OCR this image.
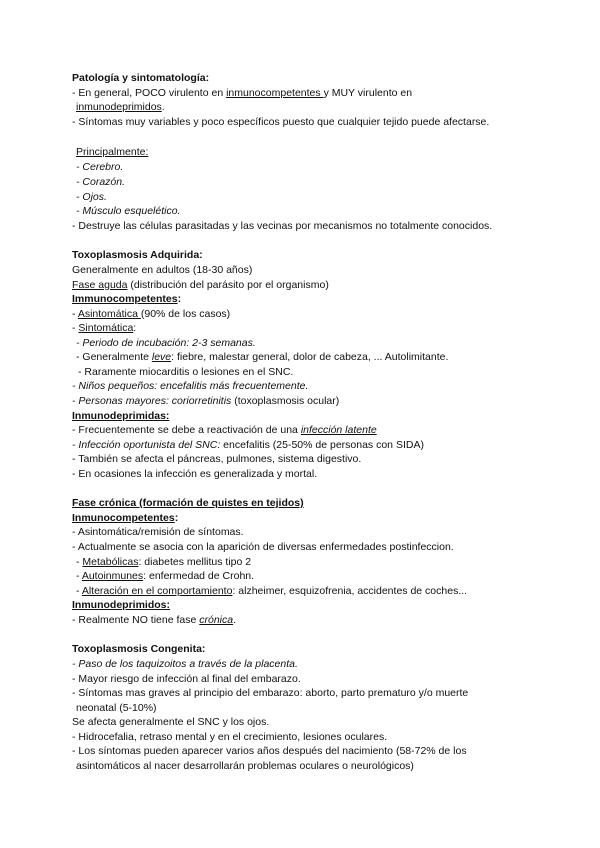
Patología y sintomatología:
- En general, POCO virulento en inmunocompetentes y MUY virulento en
inmunodeprimidos.
- Síntomas muy variables y poco específicos puesto que cualquier tejido puede afectarse.
Principalmente:
- Cerebro.
- Corazón.
- Ojos.
- Músculo esquelético.
- Destruye las células parasitadas y las vecinas por mecanismos no totalmente conocidos.
Toxoplasmosis Adquirida:
Generalmente en adultos (18-30 años)
Fase aguda (distribución del parásito por el organismo)
Immunocompetentes:
- Asintomática (90% de los casos)
- Sintomática:
- Periodo de incubación: 2-3 semanas.
- Generalmente leve: fiebre, malestar general, dolor de cabeza, ... Autolimitante.
- Raramente miocarditis o lesiones en el SNC.
- Niños pequeños: encefalitis más frecuentemente.
- Personas mayores: coriorretinitis (toxoplasmosis ocular)
Inmunodeprimidas:
- Frecuentemente se debe a reactivación de una infección latente
- Infección oportunista del SNC: encefalitis (25-50% de personas con SIDA)
- También se afecta el páncreas, pulmones, sistema digestivo.
- En ocasiones la infección es generalizada y mortal.
Fase crónica (formación de quistes en tejidos)
Inmunocompetentes:
- Asintomática/remisión de síntomas.
- Actualmente se asocia con la aparición de diversas enfermedades postinfeccion.
- Metabólicas: diabetes mellitus tipo 2
- Autoinmunes: enfermedad de Crohn.
- Alteración en el comportamiento: alzheimer, esquizofrenia, accidentes de coches...
Inmunodeprimidos:
- Realmente NO tiene fase crónica.
Toxoplasmosis Congenita:
- Paso de los taquizoitos a través de la placenta.
- Mayor riesgo de infección al final del embarazo.
- Síntomas mas graves al principio del embarazo: aborto, parto prematuro y/o muerte
neonatal (5-10%)
Se afecta generalmente el SNC y los ojos.
- Hidrocefalia, retraso mental y en el crecimiento, lesiones oculares.
- Los síntomas pueden aparecer varios años después del nacimiento (58-72% de los
asintomáticos al nacer desarrollarán problemas oculares o neurológicos)
